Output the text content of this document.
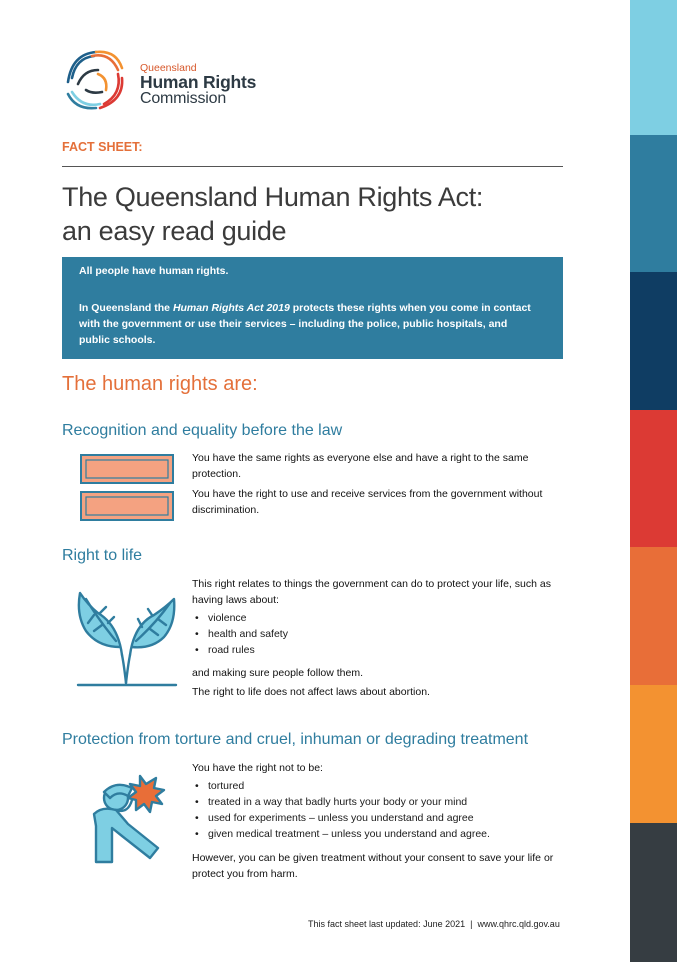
Queensland
Human Rights
Commission
FACT SHEET:
The Queensland Human Rights Act:
an easy read guide
All people have human rights.
In Queensland the Human Rights Act 2019 protects these rights when you come in contact with the government or use their services – including the police, public hospitals, and public schools.
The human rights are:
Recognition and equality before the law
You have the same rights as everyone else and have a right to the same protection.
You have the right to use and receive services from the government without discrimination.
Right to life
This right relates to things the government can do to protect your life, such as having laws about:
• violence
• health and safety
• road rules
and making sure people follow them.
The right to life does not affect laws about abortion.
Protection from torture and cruel, inhuman or degrading treatment
You have the right not to be:
• tortured
• treated in a way that badly hurts your body or your mind
• used for experiments – unless you understand and agree
• given medical treatment – unless you understand and agree.
However, you can be given treatment without your consent to save your life or protect you from harm.
This fact sheet last updated: June 2021  |  www.qhrc.qld.gov.au
